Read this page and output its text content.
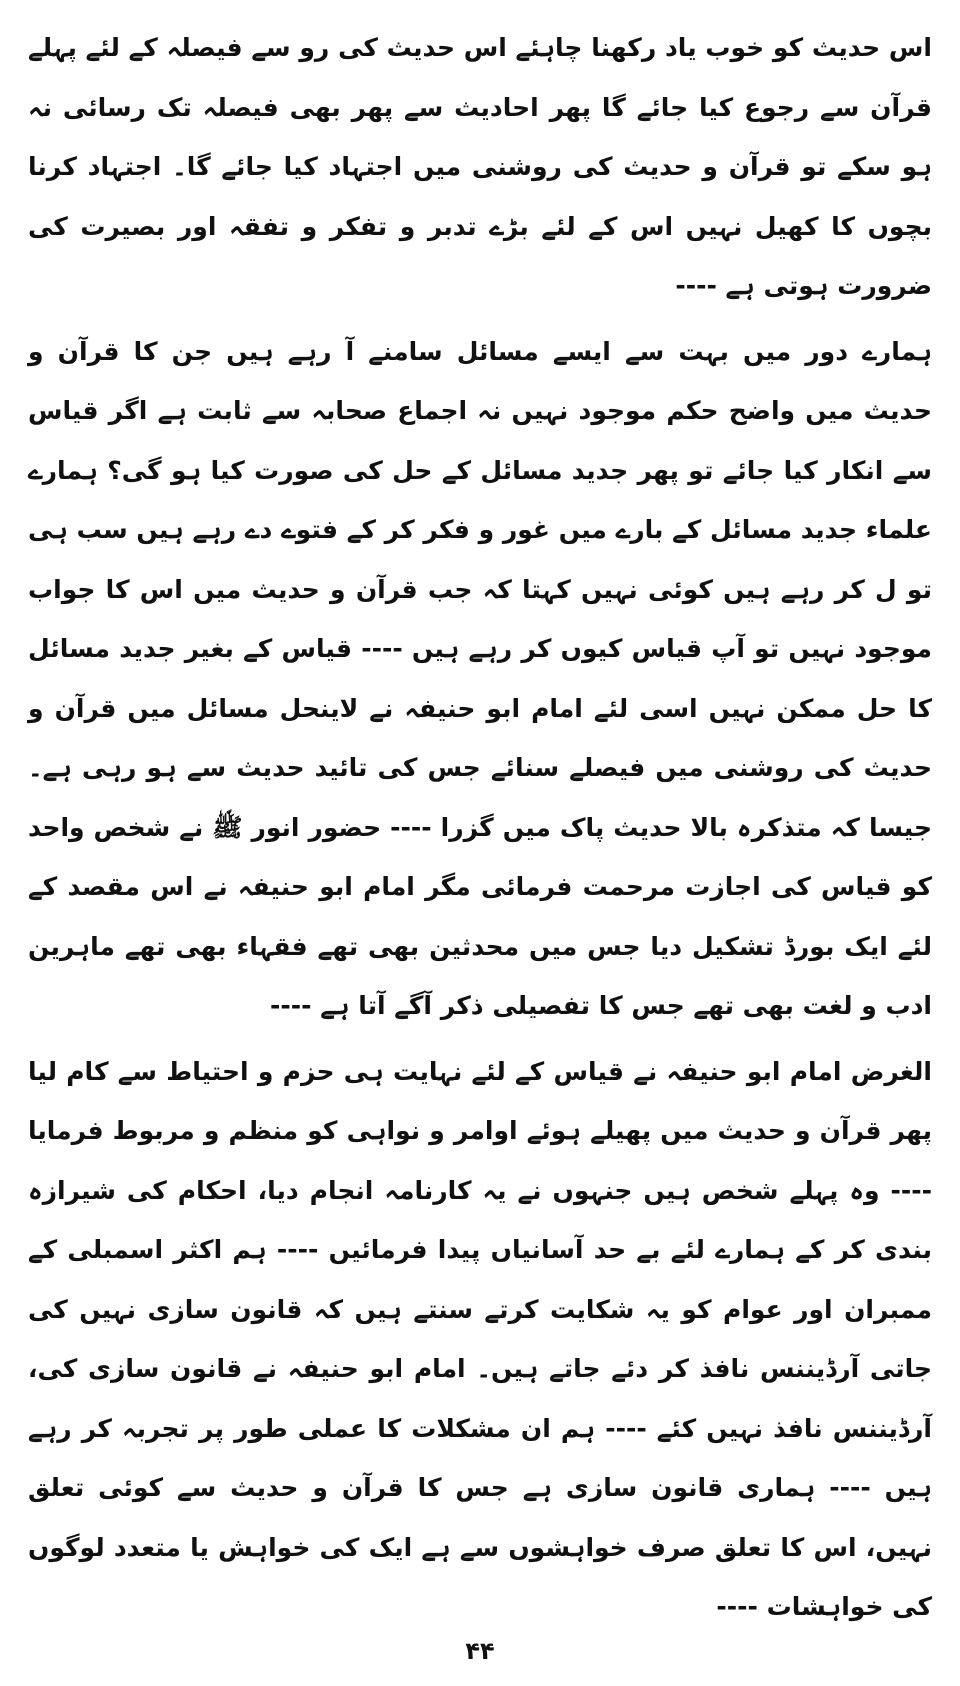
اس حدیث کو خوب یاد رکھنا چاہئے اس حدیث کی رو سے فیصلہ کے لئے پہلے قرآن سے رجوع کیا جائے گا پھر احادیث سے پھر بھی فیصلہ تک رسائی نہ ہو سکے تو قرآن و حدیث کی روشنی میں اجتہاد کیا جائے گا۔ اجتہاد کرنا بچوں کا کھیل نہیں اس کے لئے بڑے تدبر و تفکر و تفقہ اور بصیرت کی ضرورت ہوتی ہے ----

ہمارے دور میں بہت سے ایسے مسائل سامنے آ رہے ہیں جن کا قرآن و حدیث میں واضح حکم موجود نہیں نہ اجماع صحابہ سے ثابت ہے اگر قیاس سے انکار کیا جائے تو پھر جدید مسائل کے حل کی صورت کیا ہو گی؟ ہمارے علماء جدید مسائل کے بارے میں غور و فکر کر کے فتوے دے رہے ہیں سب ہی تو ل کر رہے ہیں کوئی نہیں کہتا کہ جب قرآن و حدیث میں اس کا جواب موجود نہیں تو آپ قیاس کیوں کر رہے ہیں ---- قیاس کے بغیر جدید مسائل کا حل ممکن نہیں اسی لئے امام ابو حنیفہ نے لاینحل مسائل میں قرآن و حدیث کی روشنی میں فیصلے سنائے جس کی تائید حدیث سے ہو رہی ہے۔ جیسا کہ متذکرہ بالا حدیث پاک میں گزرا ---- حضور انور ﷺ نے شخص واحد کو قیاس کی اجازت مرحمت فرمائی مگر امام ابو حنیفہ نے اس مقصد کے لئے ایک بورڈ تشکیل دیا جس میں محدثین بھی تھے فقہاء بھی تھے ماہرین ادب و لغت بھی تھے جس کا تفصیلی ذکر آگے آتا ہے ----

الغرض امام ابو حنیفہ نے قیاس کے لئے نہایت ہی حزم و احتیاط سے کام لیا پھر قرآن و حدیث میں پھیلے ہوئے اوامر و نواہی کو منظم و مربوط فرمایا ---- وہ پہلے شخص ہیں جنہوں نے یہ کارنامہ انجام دیا، احکام کی شیرازہ بندی کر کے ہمارے لئے بے حد آسانیاں پیدا فرمائیں ---- ہم اکثر اسمبلی کے ممبران اور عوام کو یہ شکایت کرتے سنتے ہیں کہ قانون سازی نہیں کی جاتی آرڈیننس نافذ کر دئے جاتے ہیں۔ امام ابو حنیفہ نے قانون سازی کی، آرڈیننس نافذ نہیں کئے ---- ہم ان مشکلات کا عملی طور پر تجربہ کر رہے ہیں ---- ہماری قانون سازی ہے جس کا قرآن و حدیث سے کوئی تعلق نہیں، اس کا تعلق صرف خواہشوں سے ہے ایک کی خواہش یا متعدد لوگوں کی خواہشات ----

۴۴
